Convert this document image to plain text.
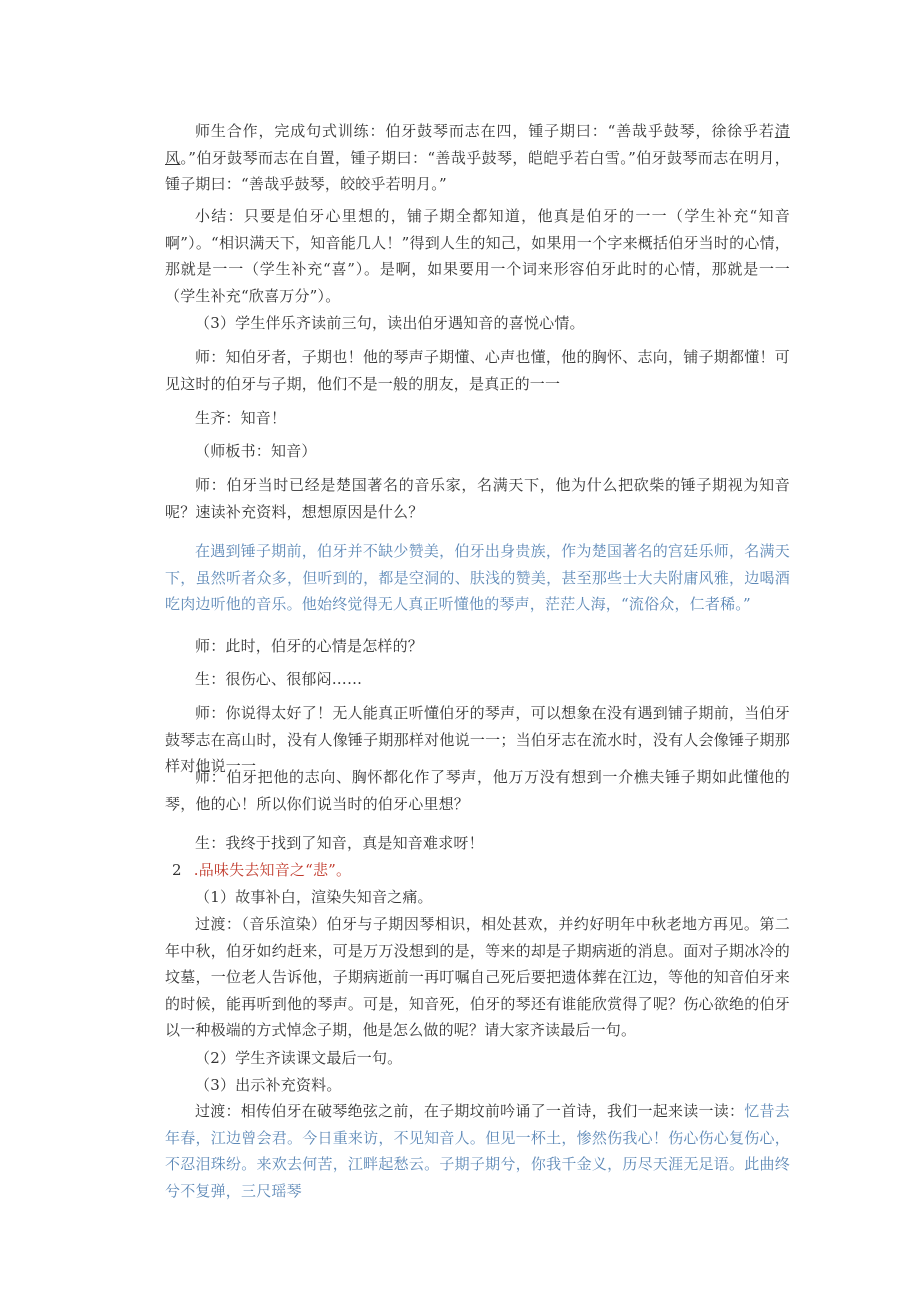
师生合作，完成句式训练：伯牙鼓琴而志在四，锺子期曰：“善哉乎鼓琴，徐徐乎若清风。”伯牙鼓琴而志在自置，锺子期曰：“善哉乎鼓琴，皑皑乎若白雪。”伯牙鼓琴而志在明月，锺子期曰：“善哉乎鼓琴，皎皎乎若明月。”
小结：只要是伯牙心里想的，铺子期全都知道，他真是伯牙的一一（学生补充“知音啊”）。“相识满天下，知音能几人！”得到人生的知己，如果用一个字来概括伯牙当时的心情，那就是一一（学生补充“喜”）。是啊，如果要用一个词来形容伯牙此时的心情，那就是一一（学生补充“欣喜万分”）。
（3）学生伴乐齐读前三句，读出伯牙遇知音的喜悦心情。
师：知伯牙者，子期也！他的琴声子期懂、心声也懂，他的胸怀、志向，铺子期都懂！可见这时的伯牙与子期，他们不是一般的朋友，是真正的一一
生齐：知音！
（师板书：知音）
师：伯牙当时已经是楚国著名的音乐家，名满天下，他为什么把砍柴的锤子期视为知音呢？速读补充资料，想想原因是什么？
在遇到锤子期前，伯牙并不缺少赞美，伯牙出身贵族，作为楚国著名的宫廷乐师，名满天下，虽然听者众多，但听到的，都是空洞的、肤浅的赞美，甚至那些士大夫附庸风雅，边喝酒吃肉边听他的音乐。他始终觉得无人真正听懂他的琴声，茫茫人海，“流俗众，仁者稀。”
师：此时，伯牙的心情是怎样的？
生：很伤心、很郁闷……
师：你说得太好了！无人能真正听懂伯牙的琴声，可以想象在没有遇到铺子期前，当伯牙鼓琴志在高山时，没有人像锤子期那样对他说一一；当伯牙志在流水时，没有人会像锤子期那样对他说一一
师：伯牙把他的志向、胸怀都化作了琴声，他万万没有想到一介樵夫锤子期如此懂他的琴，他的心！所以你们说当时的伯牙心里想？
生：我终于找到了知音，真是知音难求呀！
2 .品味失去知音之“悲”。
（1）故事补白，渲染失知音之痛。
过渡：（音乐渲染）伯牙与子期因琴相识，相处甚欢，并约好明年中秋老地方再见。第二年中秋，伯牙如约赶来，可是万万没想到的是，等来的却是子期病逝的消息。面对子期冰冷的坟墓，一位老人告诉他，子期病逝前一再叮嘱自己死后要把遗体葬在江边，等他的知音伯牙来的时候，能再听到他的琴声。可是，知音死，伯牙的琴还有谁能欣赏得了呢？伤心欲绝的伯牙以一种极端的方式悼念子期，他是怎么做的呢？请大家齐读最后一句。
（2）学生齐读课文最后一句。
（3）出示补充资料。
过渡：相传伯牙在破琴绝弦之前，在子期坟前吟诵了一首诗，我们一起来读一读：忆昔去年春，江边曾会君。今日重来访，不见知音人。但见一杯土，惨然伤我心！伤心伤心复伤心，不忍泪珠纷。来欢去何苦，江畔起愁云。子期子期兮，你我千金义，历尽天涯无足语。此曲终兮不复弹，三尺瑶琴
